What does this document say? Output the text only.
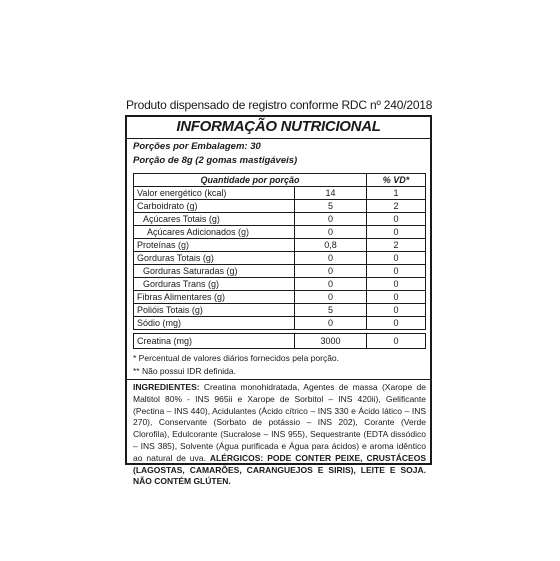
Produto dispensado de registro conforme RDC nº 240/2018
INFORMAÇÃO NUTRICIONAL
Porções por Embalagem: 30
Porção de 8g (2 gomas mastigáveis)
Quantidade por porção		% VD*
Valor energético (kcal)	14	1
Carboidrato (g)	5	2
Açúcares Totais (g)	0	0
Açúcares Adicionados (g)	0	0
Proteínas (g)	0,8	2
Gorduras Totais (g)	0	0
Gorduras Saturadas (g)	0	0
Gorduras Trans (g)	0	0
Fibras Alimentares (g)	0	0
Polióis Totais (g)	5	0
Sódio (mg)	0	0

Creatina (mg)	3000	0
* Percentual de valores diários fornecidos pela porção.
** Não possui IDR definida.
INGREDIENTES: Creatina monohidratada, Agentes de massa (Xarope de Maltitol 80% - INS 965ii e Xarope de Sorbitol – INS 420ii), Gelificante (Pectina – INS 440), Acidulantes (Ácido cítrico – INS 330 e Ácido lático – INS 270), Conservante (Sorbato de potássio – INS 202), Corante (Verde Clorofila), Edulcorante (Sucralose – INS 955), Sequestrante (EDTA dissódico – INS 385), Solvente (Água purificada e Água para ácidos) e aroma idêntico ao natural de uva. ALÉRGICOS: PODE CONTER PEIXE, CRUSTÁCEOS (LAGOSTAS, CAMARÕES, CARANGUEJOS E SIRIS), LEITE E SOJA. NÃO CONTÉM GLÚTEN.
